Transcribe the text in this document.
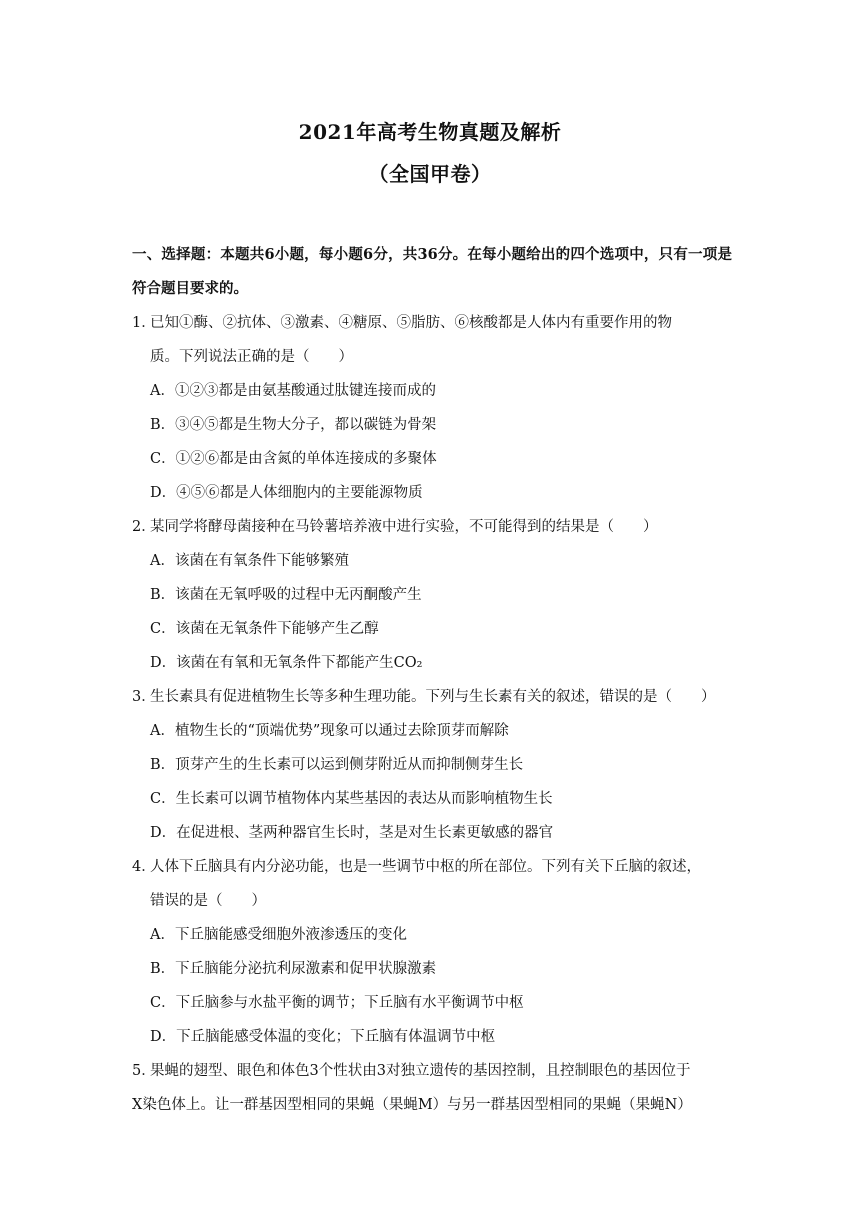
2021年高考生物真题及解析
（全国甲卷）
一、选择题：本题共6小题，每小题6分，共36分。在每小题给出的四个选项中，只有一项是符合题目要求的。
1．已知①酶、②抗体、③激素、④糖原、⑤脂肪、⑥核酸都是人体内有重要作用的物
质。下列说法正确的是（　　）
A．①②③都是由氨基酸通过肽键连接而成的
B．③④⑤都是生物大分子，都以碳链为骨架
C．①②⑥都是由含氮的单体连接成的多聚体
D．④⑤⑥都是人体细胞内的主要能源物质
2．某同学将酵母菌接种在马铃薯培养液中进行实验，不可能得到的结果是（　　）
A．该菌在有氧条件下能够繁殖
B．该菌在无氧呼吸的过程中无丙酮酸产生
C．该菌在无氧条件下能够产生乙醇
D．该菌在有氧和无氧条件下都能产生CO₂
3．生长素具有促进植物生长等多种生理功能。下列与生长素有关的叙述，错误的是（　　）
A．植物生长的“顶端优势”现象可以通过去除顶芽而解除
B．顶芽产生的生长素可以运到侧芽附近从而抑制侧芽生长
C．生长素可以调节植物体内某些基因的表达从而影响植物生长
D．在促进根、茎两种器官生长时，茎是对生长素更敏感的器官
4．人体下丘脑具有内分泌功能，也是一些调节中枢的所在部位。下列有关下丘脑的叙述，
错误的是（　　）
A．下丘脑能感受细胞外液渗透压的变化
B．下丘脑能分泌抗利尿激素和促甲状腺激素
C．下丘脑参与水盐平衡的调节；下丘脑有水平衡调节中枢
D．下丘脑能感受体温的变化；下丘脑有体温调节中枢
5．果蝇的翅型、眼色和体色3个性状由3对独立遗传的基因控制，且控制眼色的基因位于
X染色体上。让一群基因型相同的果蝇（果蝇M）与另一群基因型相同的果蝇（果蝇N）
